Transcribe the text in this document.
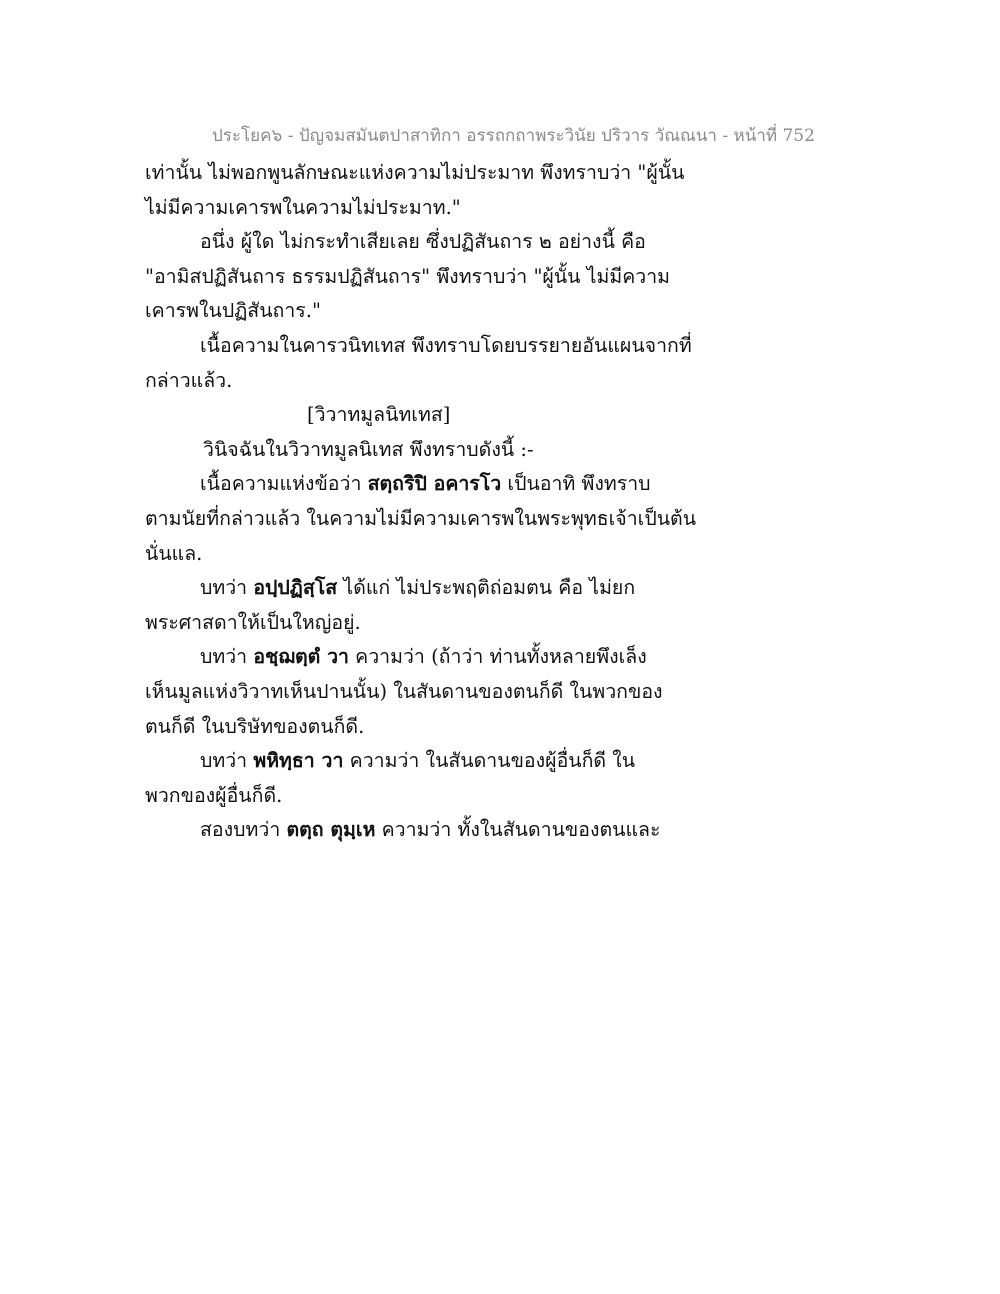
ประโยค๖ - ปัญจมสมันตปาสาทิกา อรรถกถาพระวินัย ปริวาร วัณณนา - หน้าที่ 752
เท่านั้น ไม่พอกพูนลักษณะแห่งความไม่ประมาท พึงทราบว่า "ผู้นั้น
ไม่มีความเคารพในความไม่ประมาท."
อนึ่ง ผู้ใด ไม่กระทำเสียเลย ซึ่งปฏิสันถาร ๒ อย่างนี้ คือ
"อามิสปฏิสันถาร ธรรมปฏิสันถาร" พึงทราบว่า "ผู้นั้น ไม่มีความ
เคารพในปฏิสันถาร."
เนื้อความในคารวนิทเทส พึงทราบโดยบรรยายอันแผนจากที่
กล่าวแล้ว.
[วิวาทมูลนิทเทส]
วินิจฉันในวิวาทมูลนิเทส พึงทราบดังนี้ :-
เนื้อความแห่งข้อว่า สตฺถริปิ อคารโว เป็นอาทิ พึงทราบ
ตามนัยที่กล่าวแล้ว ในความไม่มีความเคารพในพระพุทธเจ้าเป็นต้น
นั่นแล.
บทว่า อปฺปฏิสฺโส ได้แก่ ไม่ประพฤติถ่อมตน คือ ไม่ยก
พระศาสดาให้เป็นใหญ่อยู่.
บทว่า อชฺฌตฺตํ วา ความว่า (ถ้าว่า ท่านทั้งหลายพึงเล็ง
เห็นมูลแห่งวิวาทเห็นปานนั้น) ในสันดานของตนก็ดี ในพวกของ
ตนก็ดี ในบริษัทของตนก็ดี.
บทว่า พหิทฺธา วา ความว่า ในสันดานของผู้อื่นก็ดี ใน
พวกของผู้อื่นก็ดี.
สองบทว่า ตตฺถ ตุมฺเห ความว่า ทั้งในสันดานของตนและ
